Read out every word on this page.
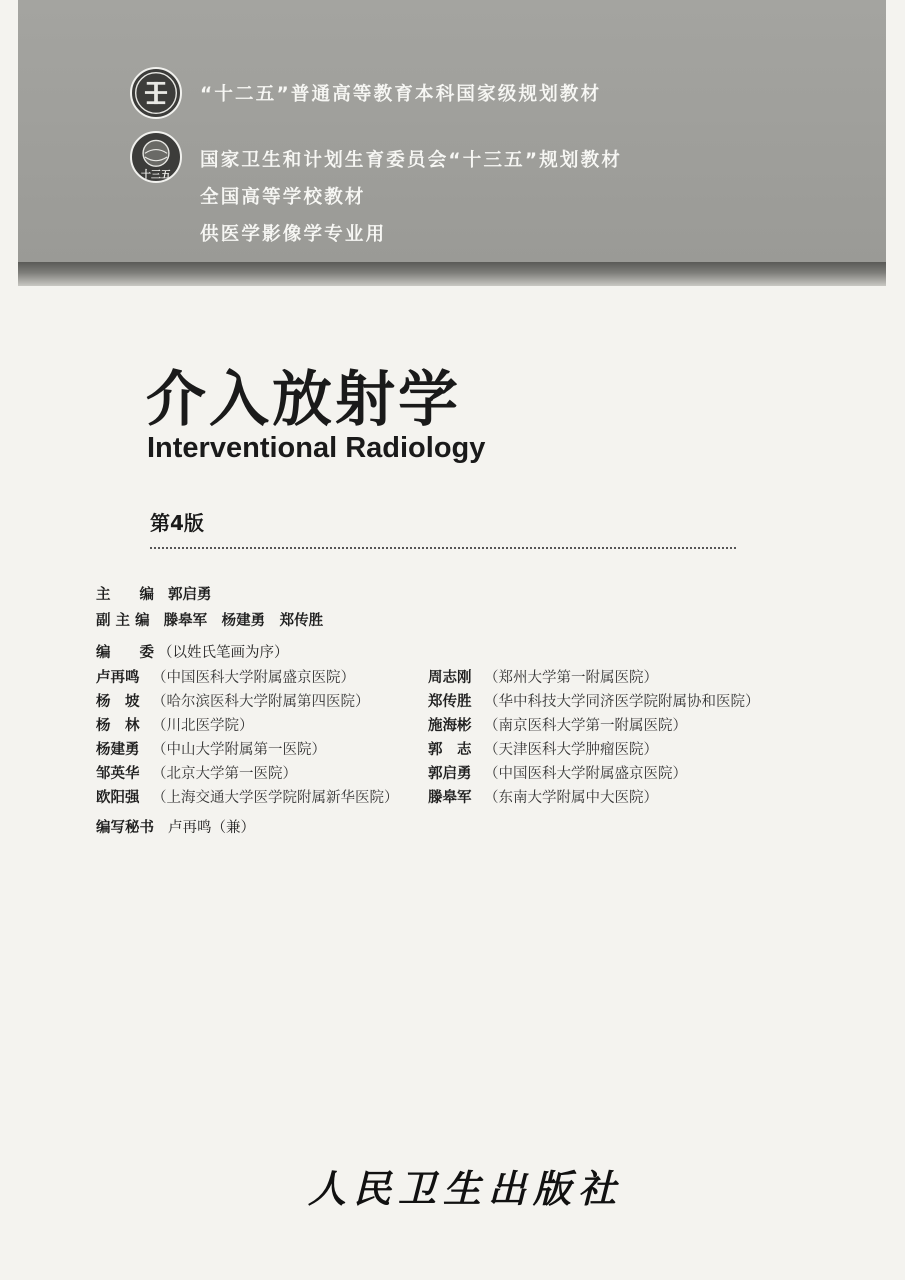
十三五
“十二五”普通高等教育本科国家级规划教材
国家卫生和计划生育委员会“十三五”规划教材
全国高等学校教材
供医学影像学专业用
介入放射学
Interventional Radiology
第4版
主　　编 郭启勇
副 主 编 滕皋军　杨建勇　郑传胜
编　　委 （以姓氏笔画为序）
卢再鸣 （中国医科大学附属盛京医院）
杨　坡 （哈尔滨医科大学附属第四医院）
杨　林 （川北医学院）
杨建勇 （中山大学附属第一医院）
邹英华 （北京大学第一医院）
欧阳强 （上海交通大学医学院附属新华医院）
周志刚 （郑州大学第一附属医院）
郑传胜 （华中科技大学同济医学院附属协和医院）
施海彬 （南京医科大学第一附属医院）
郭　志 （天津医科大学肿瘤医院）
郭启勇 （中国医科大学附属盛京医院）
滕皋军 （东南大学附属中大医院）
编写秘书 卢再鸣（兼）
人民卫生出版社
